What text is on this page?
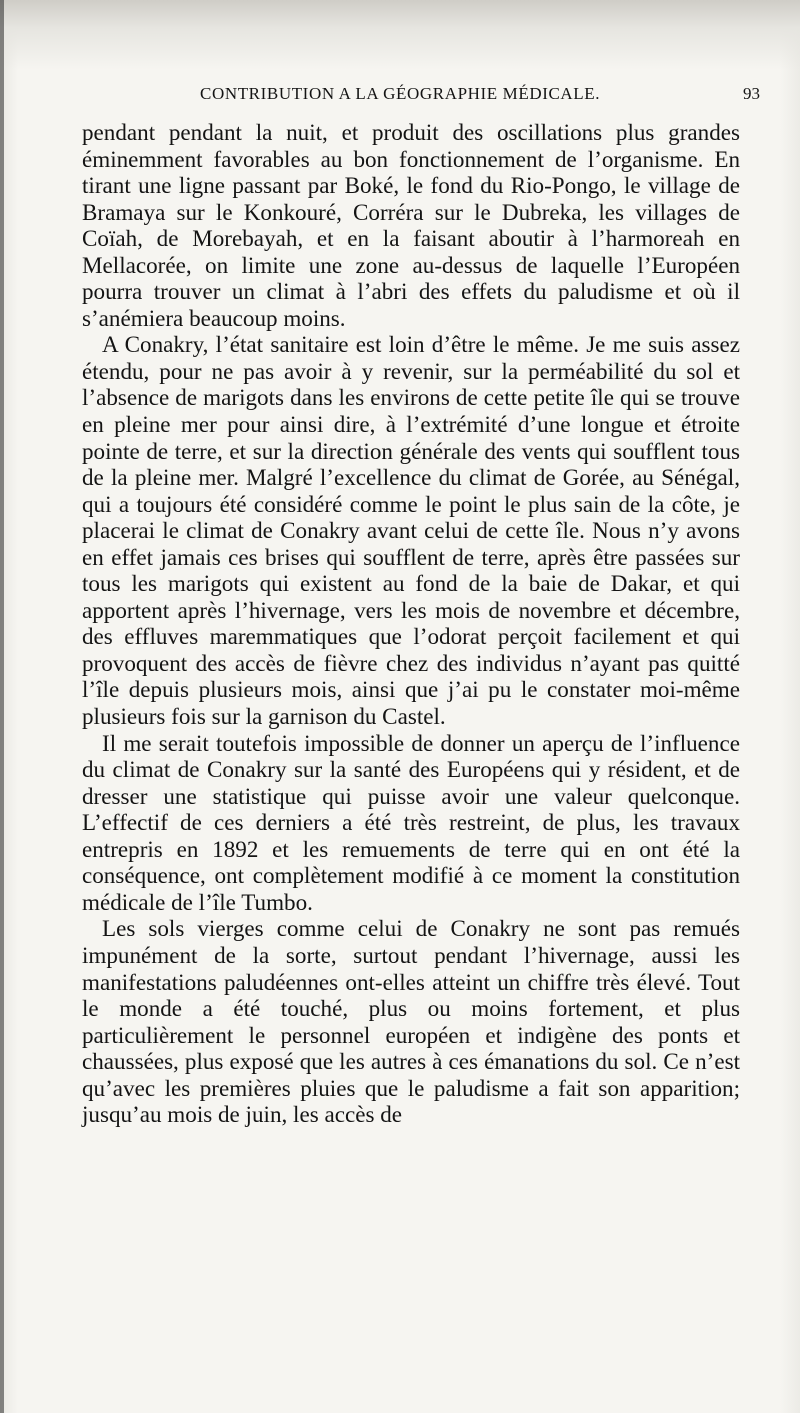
CONTRIBUTION A LA GÉOGRAPHIE MÉDICALE.	93

pendant pendant la nuit, et produit des oscillations plus grandes éminemment favorables au bon fonctionnement de l’organisme. En tirant une ligne passant par Boké, le fond du Rio-Pongo, le village de Bramaya sur le Konkouré, Corréra sur le Dubreka, les villages de Coïah, de Morebayah, et en la faisant aboutir à l’harmoreah en Mellacorée, on limite une zone au-dessus de laquelle l’Européen pourra trouver un climat à l’abri des effets du paludisme et où il s’anémiera beaucoup moins.

A Conakry, l’état sanitaire est loin d’être le même. Je me suis assez étendu, pour ne pas avoir à y revenir, sur la perméabilité du sol et l’absence de marigots dans les environs de cette petite île qui se trouve en pleine mer pour ainsi dire, à l’extrémité d’une longue et étroite pointe de terre, et sur la direction générale des vents qui soufflent tous de la pleine mer. Malgré l’excellence du climat de Gorée, au Sénégal, qui a toujours été considéré comme le point le plus sain de la côte, je placerai le climat de Conakry avant celui de cette île. Nous n’y avons en effet jamais ces brises qui soufflent de terre, après être passées sur tous les marigots qui existent au fond de la baie de Dakar, et qui apportent après l’hivernage, vers les mois de novembre et décembre, des effluves maremmatiques que l’odorat perçoit facilement et qui provoquent des accès de fièvre chez des individus n’ayant pas quitté l’île depuis plusieurs mois, ainsi que j’ai pu le constater moi-même plusieurs fois sur la garnison du Castel.

Il me serait toutefois impossible de donner un aperçu de l’influence du climat de Conakry sur la santé des Européens qui y résident, et de dresser une statistique qui puisse avoir une valeur quelconque. L’effectif de ces derniers a été très restreint, de plus, les travaux entrepris en 1892 et les remuements de terre qui en ont été la conséquence, ont complètement modifié à ce moment la constitution médicale de l’île Tumbo.

Les sols vierges comme celui de Conakry ne sont pas remués impunément de la sorte, surtout pendant l’hivernage, aussi les manifestations paludéennes ont-elles atteint un chiffre très élevé. Tout le monde a été touché, plus ou moins fortement, et plus particulièrement le personnel européen et indigène des ponts et chaussées, plus exposé que les autres à ces émanations du sol. Ce n’est qu’avec les premières pluies que le paludisme a fait son apparition; jusqu’au mois de juin, les accès de
